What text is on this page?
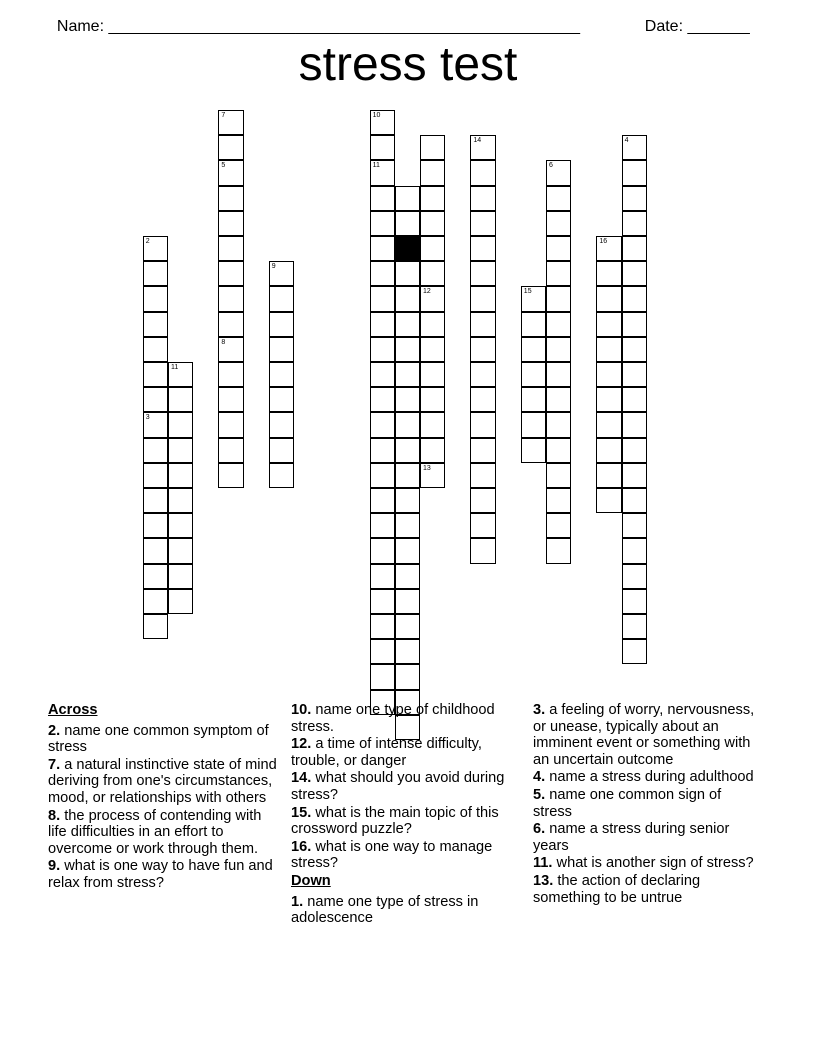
Name: _____________________________________________________
	Date: _______

stress test
2
3
7
5
8
9
10
11
12
13
14
15
16
4
6
11
Across
2. name one common symptom of stress
7. a natural instinctive state of mind deriving from one's circumstances, mood, or relationships with others
8. the process of contending with life difficulties in an effort to overcome or work through them.
9. what is one way to have fun and relax from stress?
10. name one type of childhood stress.
12. a time of intense difficulty, trouble, or danger
14. what should you avoid during stress?
15. what is the main topic of this crossword puzzle?
16. what is one way to manage stress?
Down
1. name one type of stress in adolescence
3. a feeling of worry, nervousness, or unease, typically about an imminent event or something with an uncertain outcome
4. name a stress during adulthood
5. name one common sign of stress
6. name a stress during senior years
11. what is another sign of stress?
13. the action of declaring something to be untrue
